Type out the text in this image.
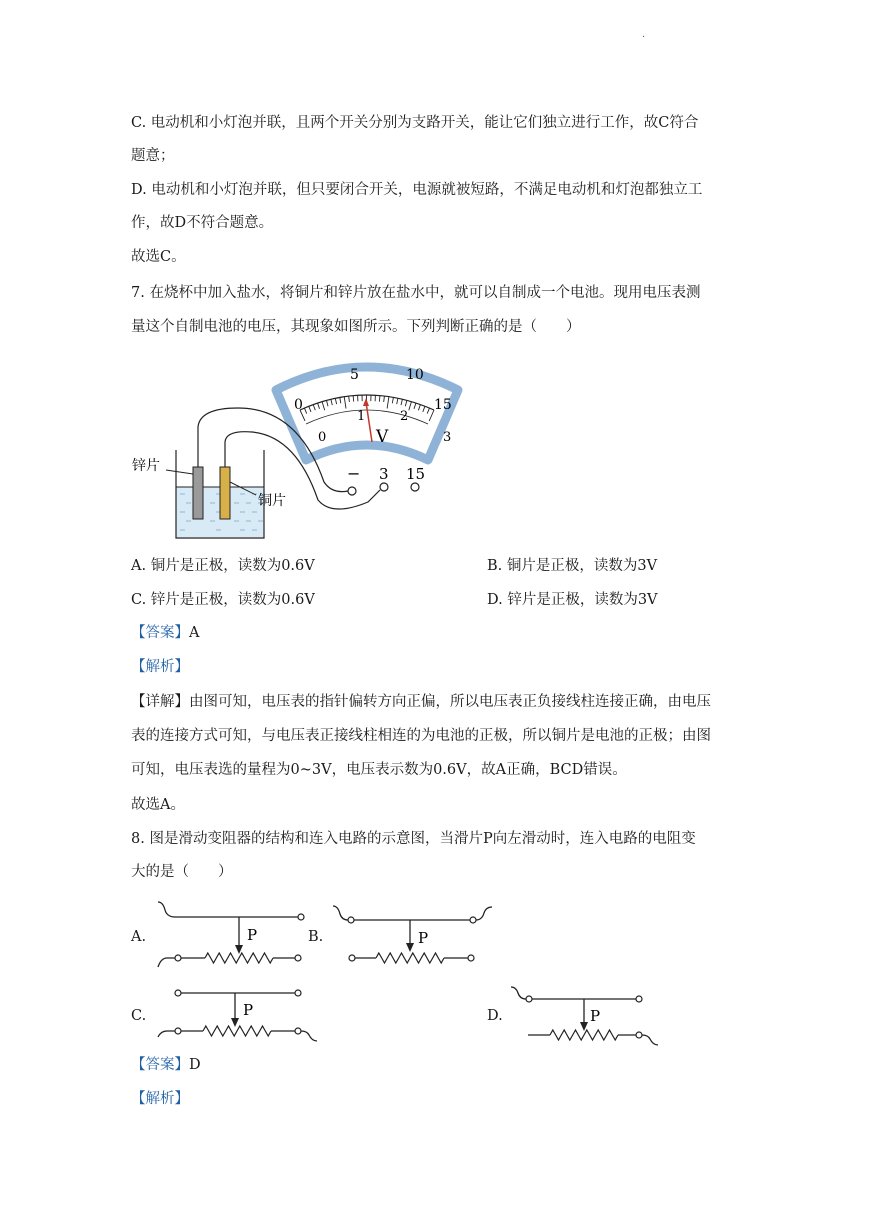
·
C. 电动机和小灯泡并联，且两个开关分别为支路开关，能让它们独立进行工作，故C符合
题意；
D. 电动机和小灯泡并联，但只要闭合开关，电源就被短路，不满足电动机和灯泡都独立工
作，故D不符合题意。
故选C。
7. 在烧杯中加入盐水，将铜片和锌片放在盐水中，就可以自制成一个电池。现用电压表测
量这个自制电池的电压，其现象如图所示。下列判断正确的是（　　）
0
5	10
15
0
1	2
3
V
− 3 15
锌片
铜片
A. 铜片是正极，读数为0.6V	B. 铜片是正极，读数为3V
C. 锌片是正极，读数为0.6V	D. 锌片是正极，读数为3V
【答案】A
【解析】
【详解】由图可知，电压表的指针偏转方向正偏，所以电压表正负接线柱连接正确，由电压
表的连接方式可知，与电压表正接线柱相连的为电池的正极，所以铜片是电池的正极；由图
可知，电压表选的量程为0~3V，电压表示数为0.6V，故A正确，BCD错误。
故选A。
8. 图是滑动变阻器的结构和连入电路的示意图，当滑片P向左滑动时，连入电路的电阻变
大的是（　　）
A.	B.
C.	D.
P	P
P	P
【答案】D
【解析】
